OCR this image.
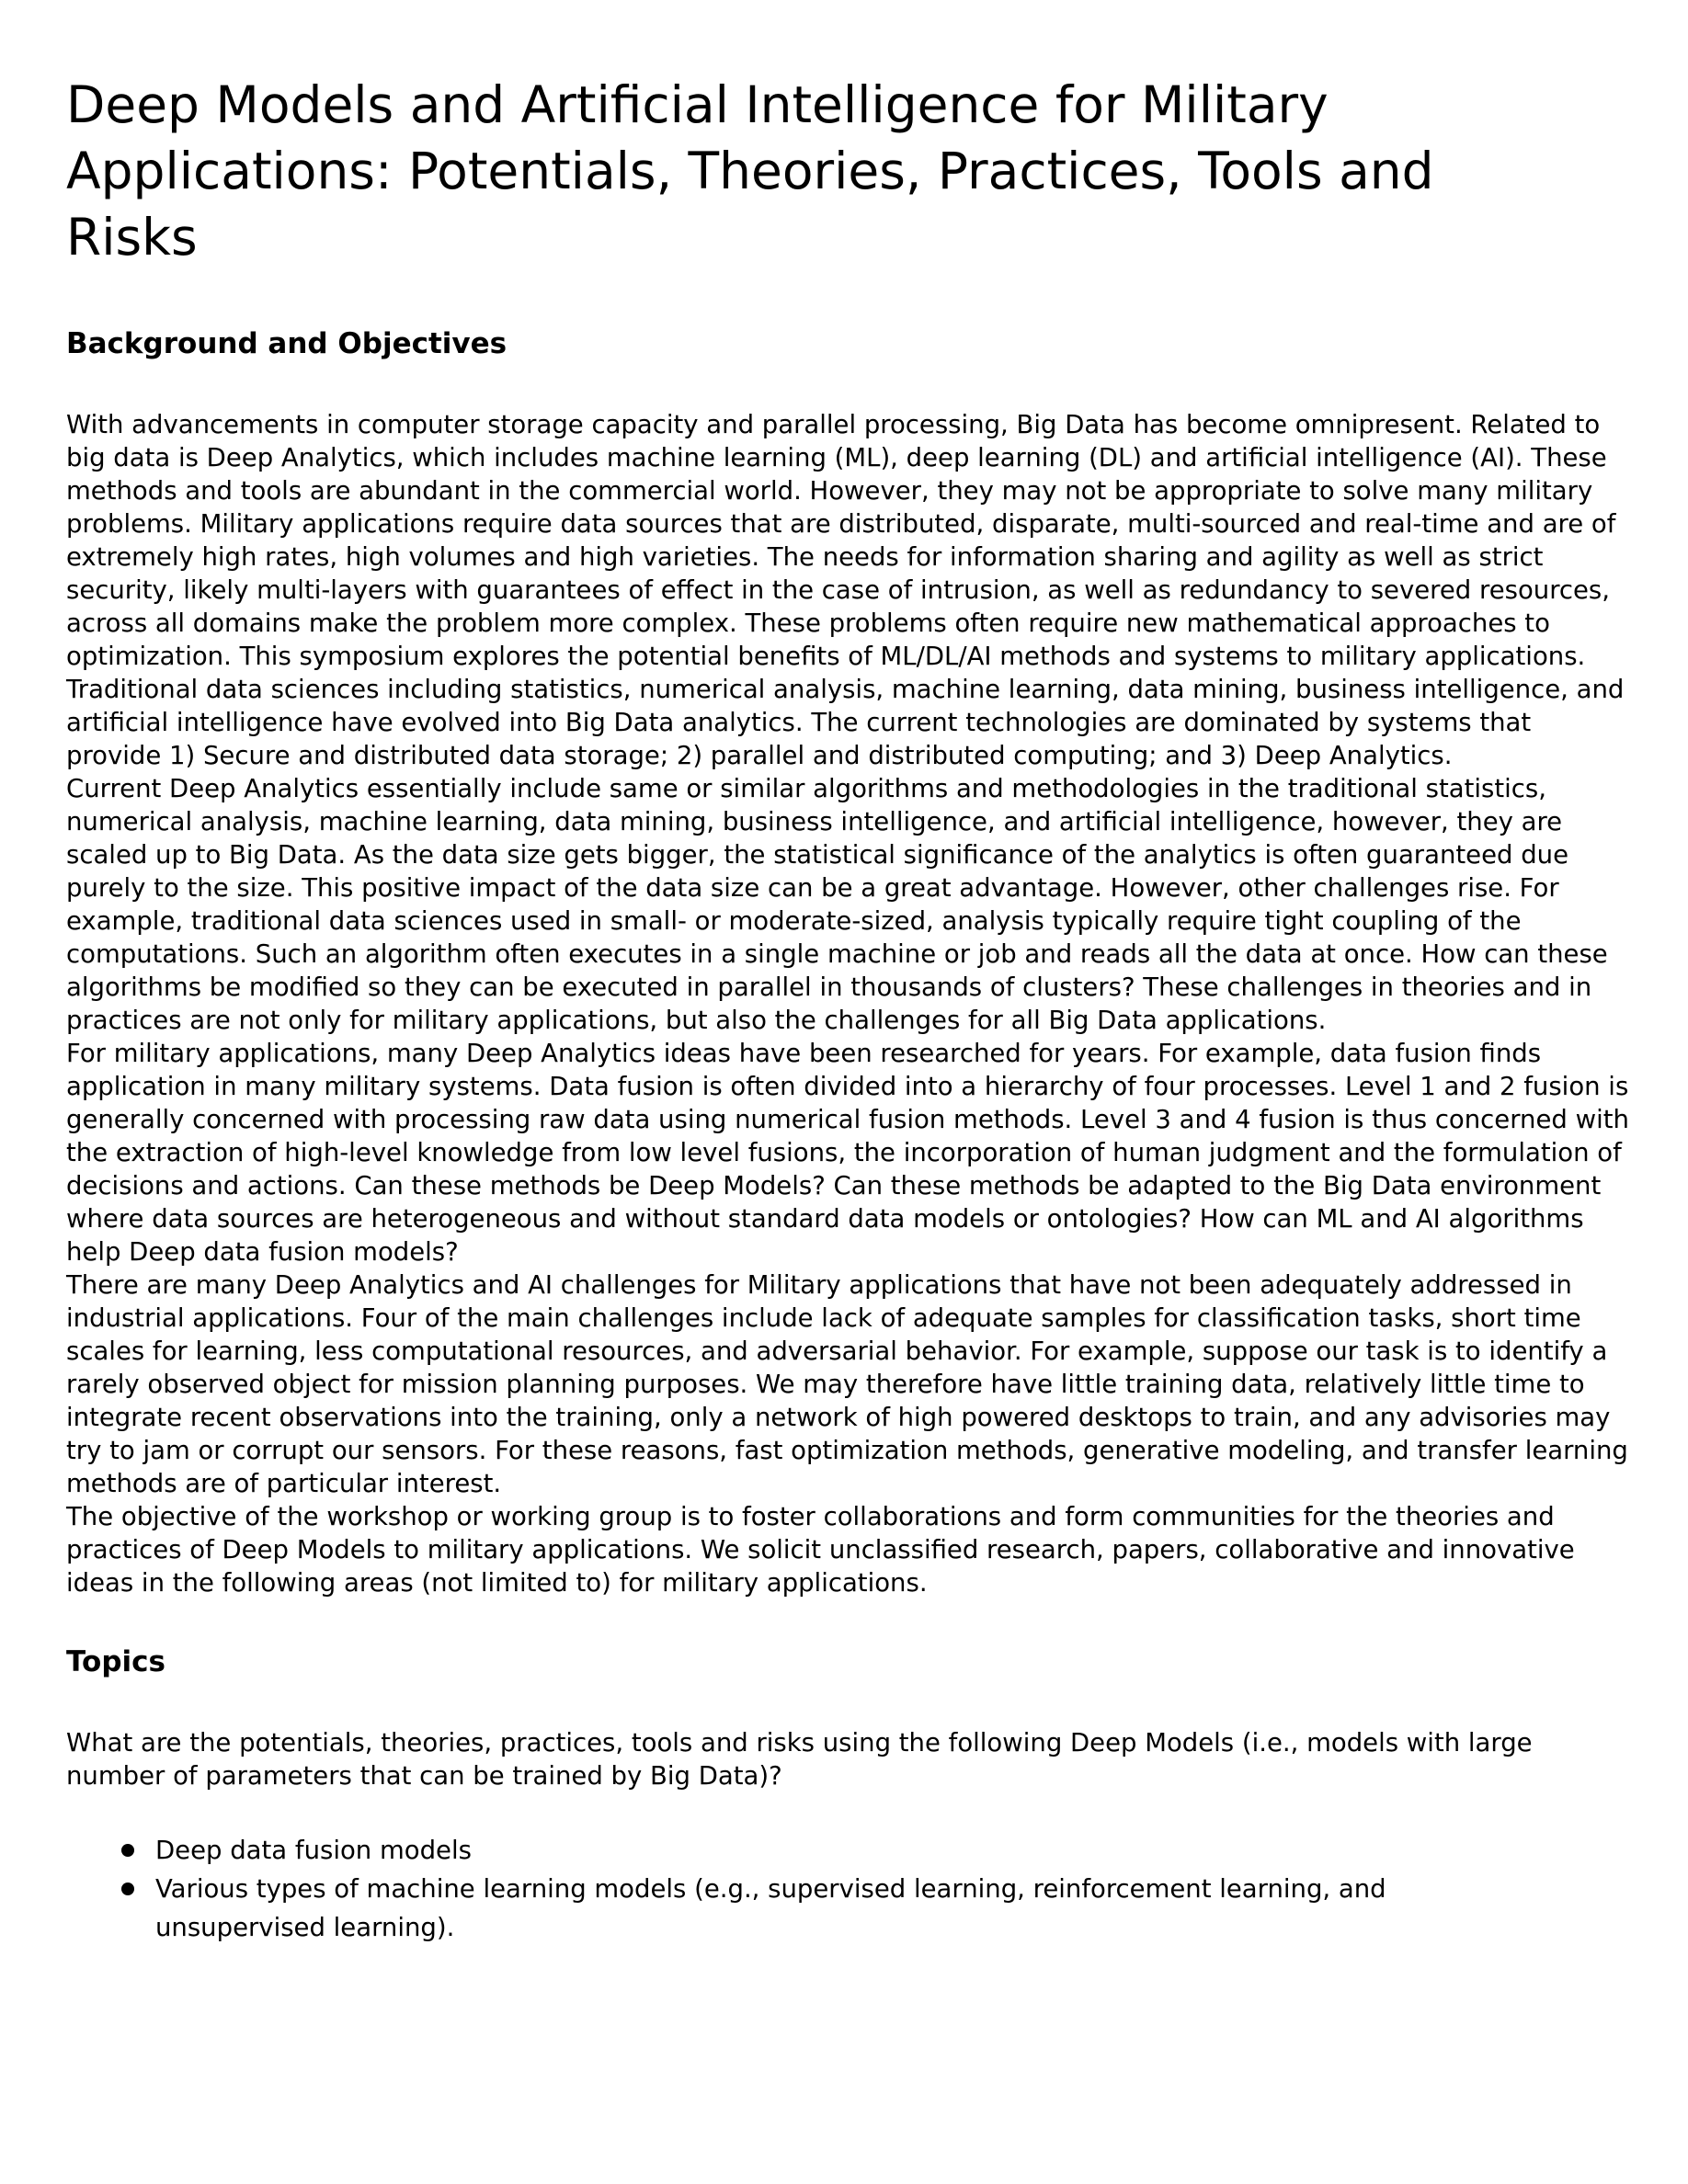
Deep Models and Artificial Intelligence for Military Applications: Potentials, Theories, Practices, Tools and Risks
Background and Objectives

With advancements in computer storage capacity and parallel processing, Big Data has become omnipresent. Related to big data is Deep Analytics, which includes machine learning (ML), deep learning (DL) and artificial intelligence (AI). These methods and tools are abundant in the commercial world. However, they may not be appropriate to solve many military problems. Military applications require data sources that are distributed, disparate, multi-sourced and real-time and are of extremely high rates, high volumes and high varieties. The needs for information sharing and agility as well as strict security, likely multi-layers with guarantees of effect in the case of intrusion, as well as redundancy to severed resources, across all domains make the problem more complex. These problems often require new mathematical approaches to optimization. This symposium explores the potential benefits of ML/DL/AI methods and systems to military applications.

Traditional data sciences including statistics, numerical analysis, machine learning, data mining, business intelligence, and artificial intelligence have evolved into Big Data analytics. The current technologies are dominated by systems that provide 1) Secure and distributed data storage; 2) parallel and distributed computing; and 3) Deep Analytics.

Current Deep Analytics essentially include same or similar algorithms and methodologies in the traditional statistics, numerical analysis, machine learning, data mining, business intelligence, and artificial intelligence, however, they are scaled up to Big Data. As the data size gets bigger, the statistical significance of the analytics is often guaranteed due purely to the size. This positive impact of the data size can be a great advantage. However, other challenges rise. For example, traditional data sciences used in small- or moderate-sized, analysis typically require tight coupling of the computations. Such an algorithm often executes in a single machine or job and reads all the data at once. How can these algorithms be modified so they can be executed in parallel in thousands of clusters? These challenges in theories and in practices are not only for military applications, but also the challenges for all Big Data applications.

For military applications, many Deep Analytics ideas have been researched for years. For example, data fusion finds application in many military systems. Data fusion is often divided into a hierarchy of four processes. Level 1 and 2 fusion is generally concerned with processing raw data using numerical fusion methods. Level 3 and 4 fusion is thus concerned with the extraction of high-level knowledge from low level fusions, the incorporation of human judgment and the formulation of decisions and actions. Can these methods be Deep Models? Can these methods be adapted to the Big Data environment where data sources are heterogeneous and without standard data models or ontologies? How can ML and AI algorithms help Deep data fusion models?

There are many Deep Analytics and AI challenges for Military applications that have not been adequately addressed in industrial applications. Four of the main challenges include lack of adequate samples for classification tasks, short time scales for learning, less computational resources, and adversarial behavior. For example, suppose our task is to identify a rarely observed object for mission planning purposes. We may therefore have little training data, relatively little time to integrate recent observations into the training, only a network of high powered desktops to train, and any advisories may try to jam or corrupt our sensors. For these reasons, fast optimization methods, generative modeling, and transfer learning methods are of particular interest.

The objective of the workshop or working group is to foster collaborations and form communities for the theories and practices of Deep Models to military applications. We solicit unclassified research, papers, collaborative and innovative ideas in the following areas (not limited to) for military applications.

Topics

What are the potentials, theories, practices, tools and risks using the following Deep Models (i.e., models with large number of parameters that can be trained by Big Data)?

Deep data fusion models
Various types of machine learning models (e.g., supervised learning, reinforcement learning, and unsupervised learning).
